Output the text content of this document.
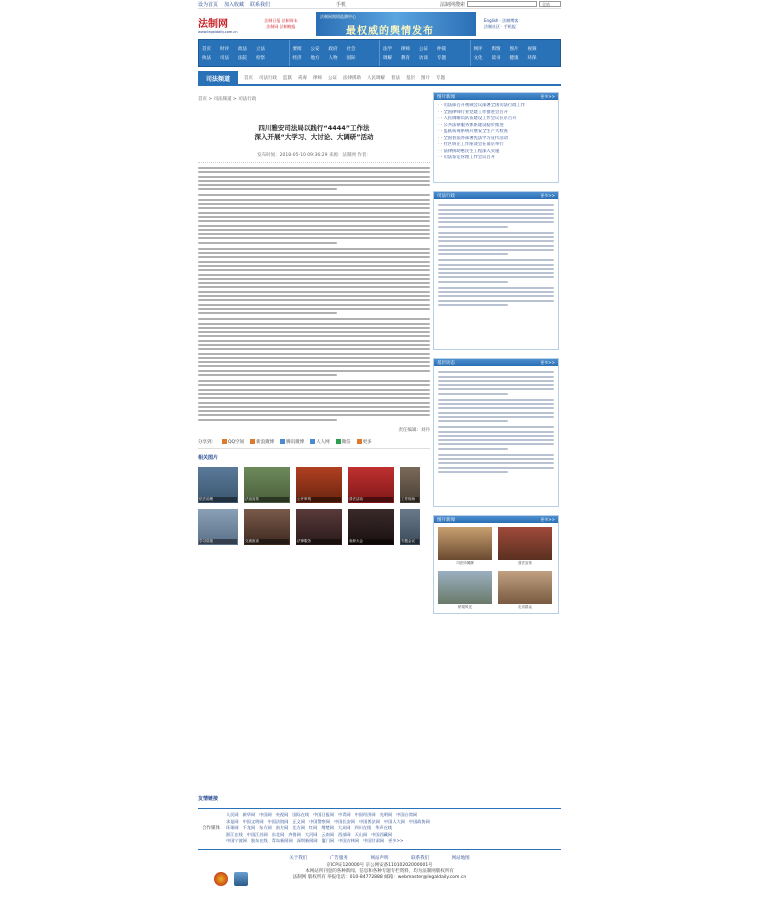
设为首页 加入收藏 联系我们	手机	法制网搜索	全站
法制网
www.legaldaily.com.cn
法制日报 法制周末
法制网 法制晚报
法制网舆情监测中心
最权威的舆情发布
English · 法制博客
法制社区 · 手机报
首页	时评	政法	立法
执法	司法	法院	检察
要闻	公安	政府	社会
经济	地方	人物	国际
法学	律师	公证	仲裁
调解	教育	访谈	专题
网评	舆情	图片	视频
文化	读书	健康	环保
司法频道	首页 司法行政 监狱 戒毒 律师 公证 法律援助 人民调解 普法 基层 图片 专题
首页 > 司法频道 > 司法行政
四川雅安司法局以践行“4444”工作法
深入开展“大学习、大讨论、大调研”活动
发布时间：2018-05-10 09:36:29 来源：法制网 作者：
责任编辑：刘丹
分享到：	QQ空间	新浪微博	腾讯微博	人人网	微信	更多
相关图片
依法治理	法治宣传	公开审判	普法活动	工作现场
学习讲座	交流座谈	法律服务	表彰大会	专题会议
图片新闻	更多>>
· · 司法部召开视频会议部署全国司法行政工作
· · 全国律师行业党建工作推进会召开
· · 人民调解员队伍建设工作会议在京召开
· · 公共法律服务体系建设稳步推进
· · 监狱戒毒系统开展安全生产大检查
· · 全国普法办部署宪法学习宣传活动
· · 社区矫正工作座谈会在南京举行
· · 法律援助惠民生工程深入实施
· · 司法鉴定管理工作会议召开
司法行政	更多>>
基层动态	更多>>
图片新闻	更多>>
司法所揭牌	普法宣传
桥梁风光	走访群众
友情链接
合作媒体
人民网 新华网 中国网 央视网 国际在线 中国日报网 中青网 中国经济网 光明网 中国台湾网
求是网 中国文明网 中国法院网 正义网 中国警察网 中国长安网 中国普法网 中国人大网 中国政协网
环球网 千龙网 东方网 南方网 北方网 红网 荆楚网 大众网 四川在线 华声在线
浙江在线 中国江苏网 东北网 齐鲁网 大河网 云南网 西部网 天山网 中国西藏网
中国宁波网 胶东在线 青岛新闻网 深圳新闻网 厦门网 中国吉林网 中国甘肃网 更多>>
关于我们	广告服务	网站声明	联系我们	网站地图
京ICP证120000号 京公网安备11010202000001号
本网站所刊登的各种新闻、信息和各种专题专栏资料，均为法制网版权所有
法制网 版权所有 举报电话：010-84772888 邮箱：webmaster@legaldaily.com.cn
